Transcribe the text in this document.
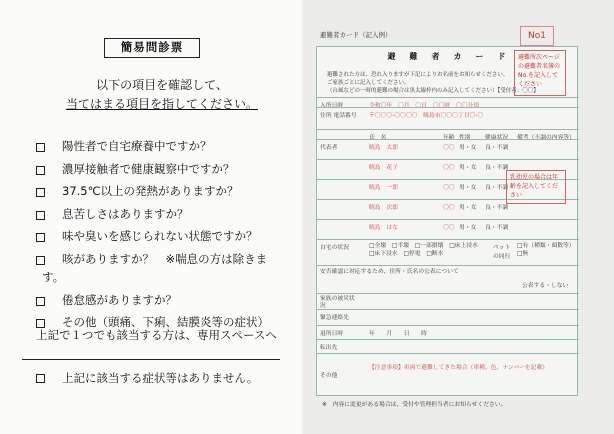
簡易問診票
以下の項目を確認して、
当てはまる項目を指してください。
陽性者で自宅療養中ですか？
濃厚接触者で健康観察中ですか？
37.5℃以上の発熱がありますか？
息苦しさはありますか？
味や臭いを感じられない状態ですか？
咳がありますか？　※喘息の方は除きま
す。
倦怠感がありますか？
その他（頭痛、下痢、結膜炎等の症状）
上記で１つでも該当する方は、専用スペースへ
上記に該当する症状等はありません。
避難者カード（記入例）
避　難　者　カ　ー　ド
避難された方は、恐れ入りますが下記によりお名前をお知らせください。
ご家族ごとに記入してください。
（台風などの一時的避難の場合は黒太線枠内のみ記入してください）【受付者：〇〇】
入所日時	令和〇年　〇月　〇日　〇〇時　〇〇分頃
住所 電話番号 〒〇〇〇-〇〇〇〇　暁島市〇〇〇丁目〇-〇
氏　名	年齢 性別 健康状況 備考（不調の内容等）
代表者	暁島　太郎	〇〇 男・女 良・不調
暁島　花子	〇〇 男・女 良・不調
暁島　一郎	〇〇 男・女 良・不調
暁島　次郎	〇〇 男・女 良・不調
暁島　はな	〇〇 男・女 良・不調
自宅の状況	□全壊　□半壊　□一部損壊　□床上浸水　□床下浸水　□停電　□断水
ペットの同行
□有（種類・頭数等）　□無
安否確認に対応するため、住所・氏名の公表について
公表する・しない
家族の被災状況
緊急連絡先
退所日時	年　　月　　日　　時
転出先
その他
【注意事項】車両で避難してきた場合（車種、色、ナンバーを記載）
No1
避難所次ページの避難者名簿のNo.を記入してください
乳幼児の場合は年齢を記入してください
※　内容に変更がある場合は、受付や管理担当者にお知らせください。
